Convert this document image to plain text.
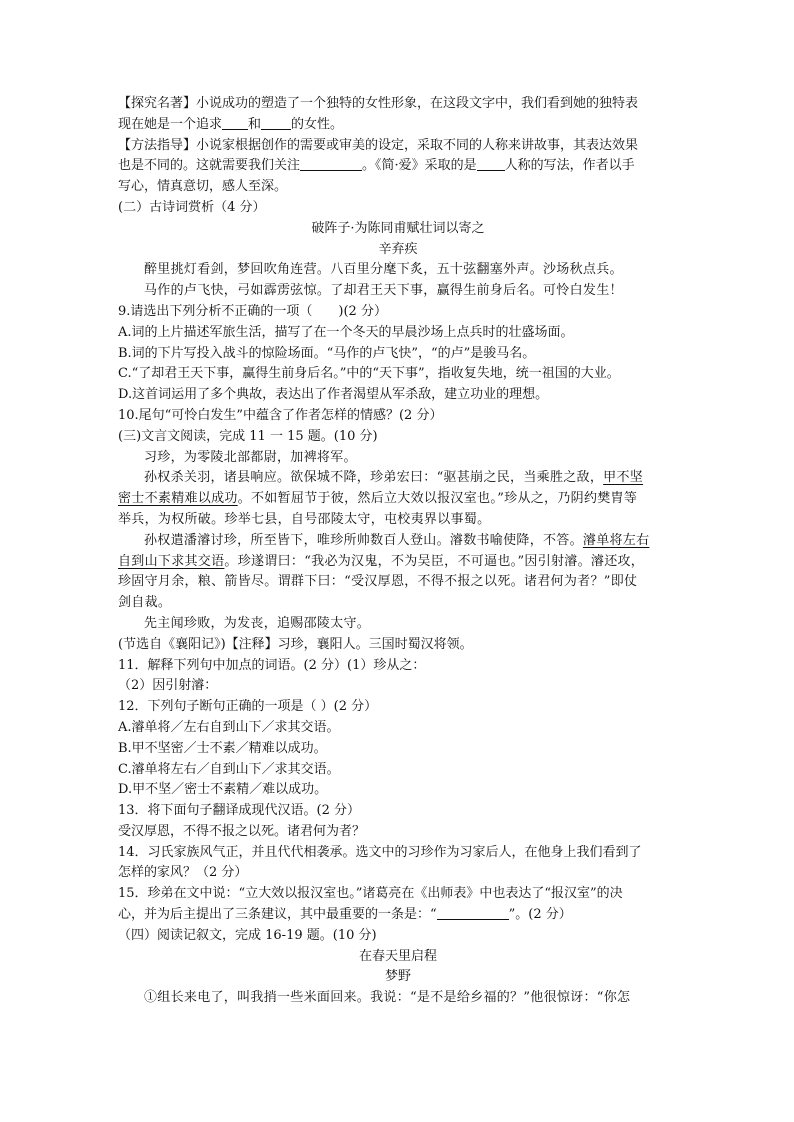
【探究名著】小说成功的塑造了一个独特的女性形象，在这段文字中，我们看到她的独特表

现在她是一个追求 和 的女性。

【方法指导】小说家根据创作的需要或审美的设定，采取不同的人称来讲故事，其表达效果

也是不同的。这就需要我们关注	。《简·爱》采取的是 人称的写法，作者以手

写心，情真意切，感人至深。

(二）古诗词赏析（4 分）

破阵子·为陈同甫赋壮词以寄之

辛弃疾

醉里挑灯看剑，梦回吹角连营。八百里分麾下炙，五十弦翻塞外声。沙场秋点兵。

马作的卢飞快，弓如霹雳弦惊。了却君王天下事，赢得生前身后名。可怜白发生！

9.请选出下列分析不正确的一项（　　)(2 分）

A.词的上片描述军旅生活，描写了在一个冬天的早晨沙场上点兵时的壮盛场面。

B.词的下片写投入战斗的惊险场面。“马作的卢飞快”，“的卢”是骏马名。

C.“了却君王天下事，赢得生前身后名。”中的“天下事”，指收复失地，统一祖国的大业。

D.这首词运用了多个典故，表达出了作者渴望从军杀敌，建立功业的理想。

10.尾句“可怜白发生”中蕴含了作者怎样的情感？(2 分）

(三)文言文阅读，完成 11 一 15 题。(10 分)

习珍，为零陵北部都尉，加裨将军。

孙权杀关羽，诸县响应。欲保城不降，珍弟宏曰：“驱甚崩之民，当乘胜之敌，甲不坚

密士不素精难以成功。不如暂屈节于彼，然后立大效以报汉室也。”珍从之，乃阴约樊胄等

举兵，为权所破。珍举七县，自号邵陵太守，屯校夷界以事蜀。

孙权遣潘濬讨珍，所至皆下，唯珍所帅数百人登山。濬数书喻使降，不答。濬单将左右

自到山下求其交语。珍遂谓曰：“我必为汉鬼，不为吴臣，不可逼也。”因引射濬。濬还攻，

珍固守月余，粮、箭皆尽。谓群下曰：“受汉厚恩，不得不报之以死。诸君何为者？”即仗

剑自裁。

先主闻珍败，为发丧，追赐邵陵太守。

(节选自《襄阳记》)【注释】习珍，襄阳人。三国时蜀汉将领。

11．解释下列句中加点的词语。(2 分）(1）珍从之：

（2）因引射濬：

12．下列句子断句正确的一项是（ ）(2 分）

A.濬单将／左右自到山下／求其交语。

B.甲不坚密／士不素／精难以成功。

C.濬单将左右／自到山下／求其交语。

D.甲不坚／密士不素精／难以成功。

13．将下面句子翻译成现代汉语。(2 分）

受汉厚恩，不得不报之以死。诸君何为者？

14．习氏家族风气正，并且代代相袭承。选文中的习珍作为习家后人，在他身上我们看到了

怎样的家风？（2 分）

15．珍弟在文中说：“立大效以报汉室也。”诸葛亮在《出师表》中也表达了“报汉室”的决

心，并为后主提出了三条建议，其中最重要的一条是：“	”。(2 分）

（四）阅读记叙文，完成 16-19 题。(10 分)

在春天里启程

梦野

①组长来电了，叫我捎一些米面回来。我说：“是不是给乡福的？”他很惊讶：“你怎
